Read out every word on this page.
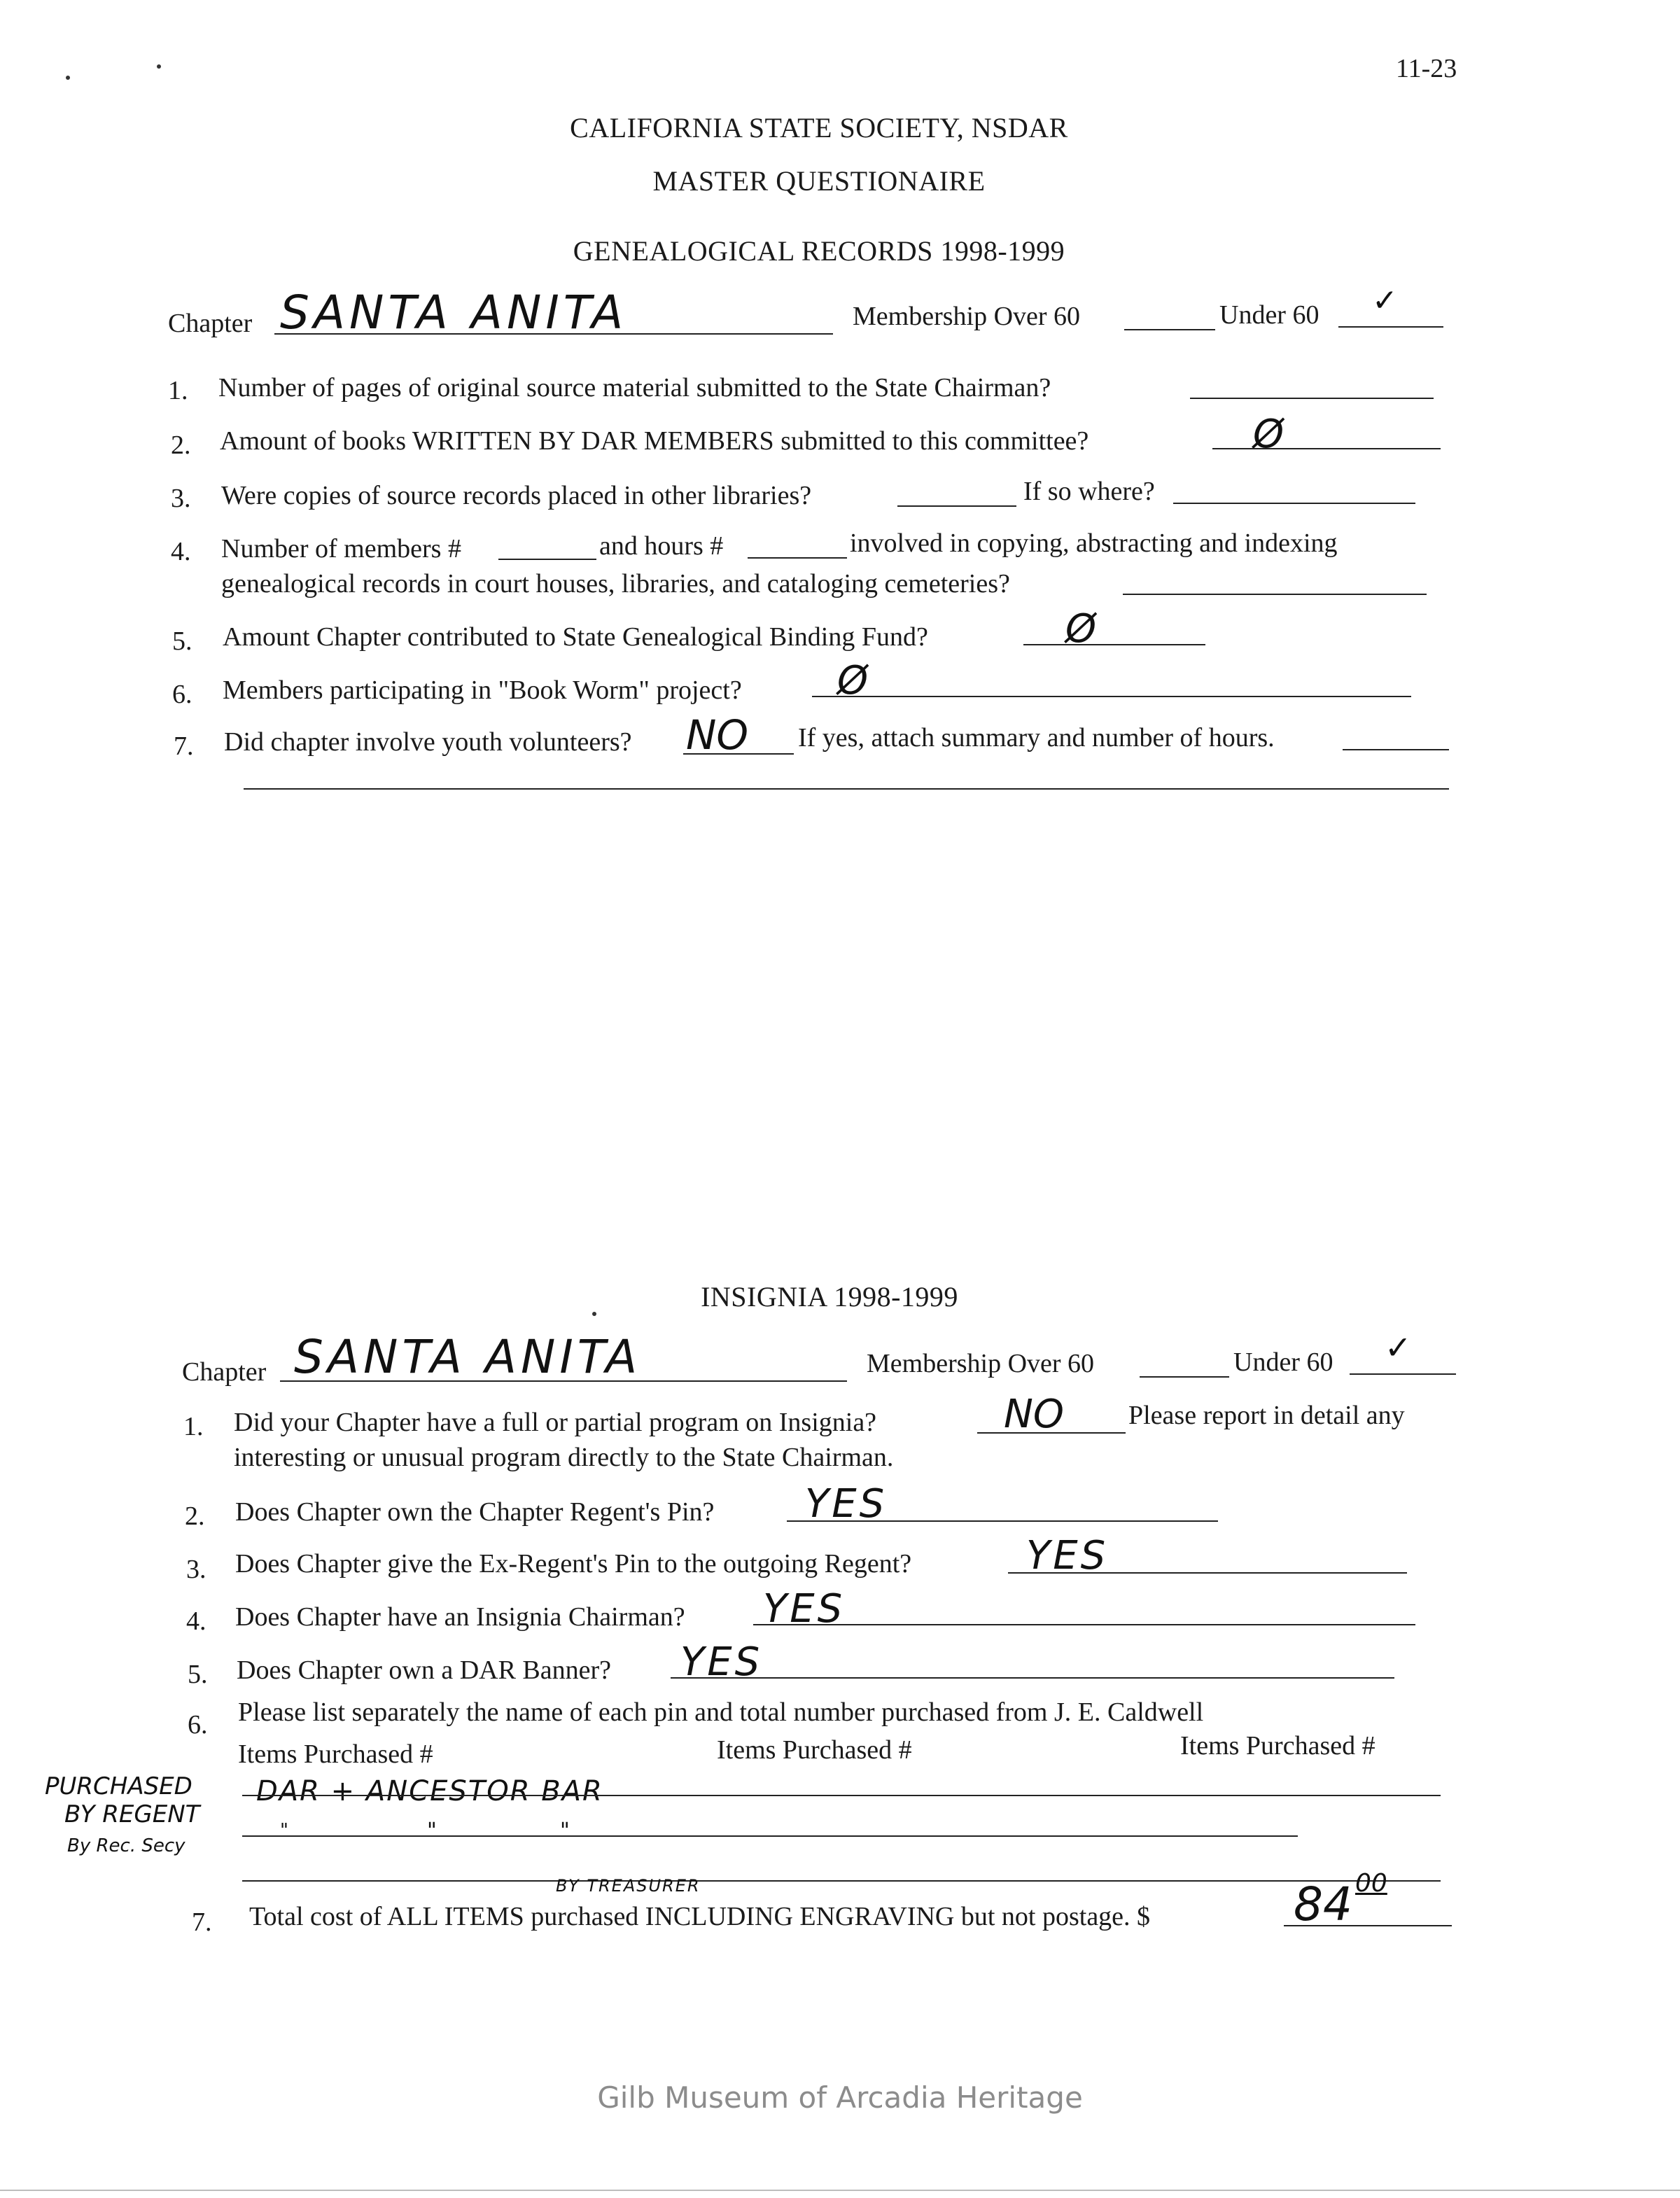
11-23
CALIFORNIA STATE SOCIETY, NSDAR
MASTER QUESTIONAIRE
GENEALOGICAL RECORDS 1998-1999
Chapter SANTA ANITA	Membership Over 60	Under 60 ✓
1. Number of pages of original source material submitted to the State Chairman?
2. Amount of books WRITTEN BY DAR MEMBERS submitted to this committee?	Ø
3. Were copies of source records placed in other libraries?	If so where?
4. Number of members #	and hours #	involved in copying, abstracting and indexing
genealogical records in court houses, libraries, and cataloging cemeteries?
5. Amount Chapter contributed to State Genealogical Binding Fund?	Ø
6. Members participating in "Book Worm" project? Ø
7. Did chapter involve youth volunteers? NO If yes, attach summary and number of hours.
INSIGNIA 1998-1999
Chapter SANTA ANITA	Membership Over 60	Under 60 ✓
1. Did your Chapter have a full or partial program on Insignia?	NO Please report in detail any
interesting or unusual program directly to the State Chairman.
2. Does Chapter own the Chapter Regent's Pin? YES
3. Does Chapter give the Ex-Regent's Pin to the outgoing Regent?	YES
4. Does Chapter have an Insignia Chairman? YES
5. Does Chapter own a DAR Banner? YES
6. Please list separately the name of each pin and total number purchased from J. E. Caldwell
Items Purchased #	Items Purchased #	Items Purchased #
PURCHASED
BY REGENT
By Rec. Secy
DAR + ANCESTOR BAR
"	"	"
BY TREASURER
7. Total cost of ALL ITEMS purchased INCLUDING ENGRAVING but not postage. $	84 00
Gilb Museum of Arcadia Heritage
